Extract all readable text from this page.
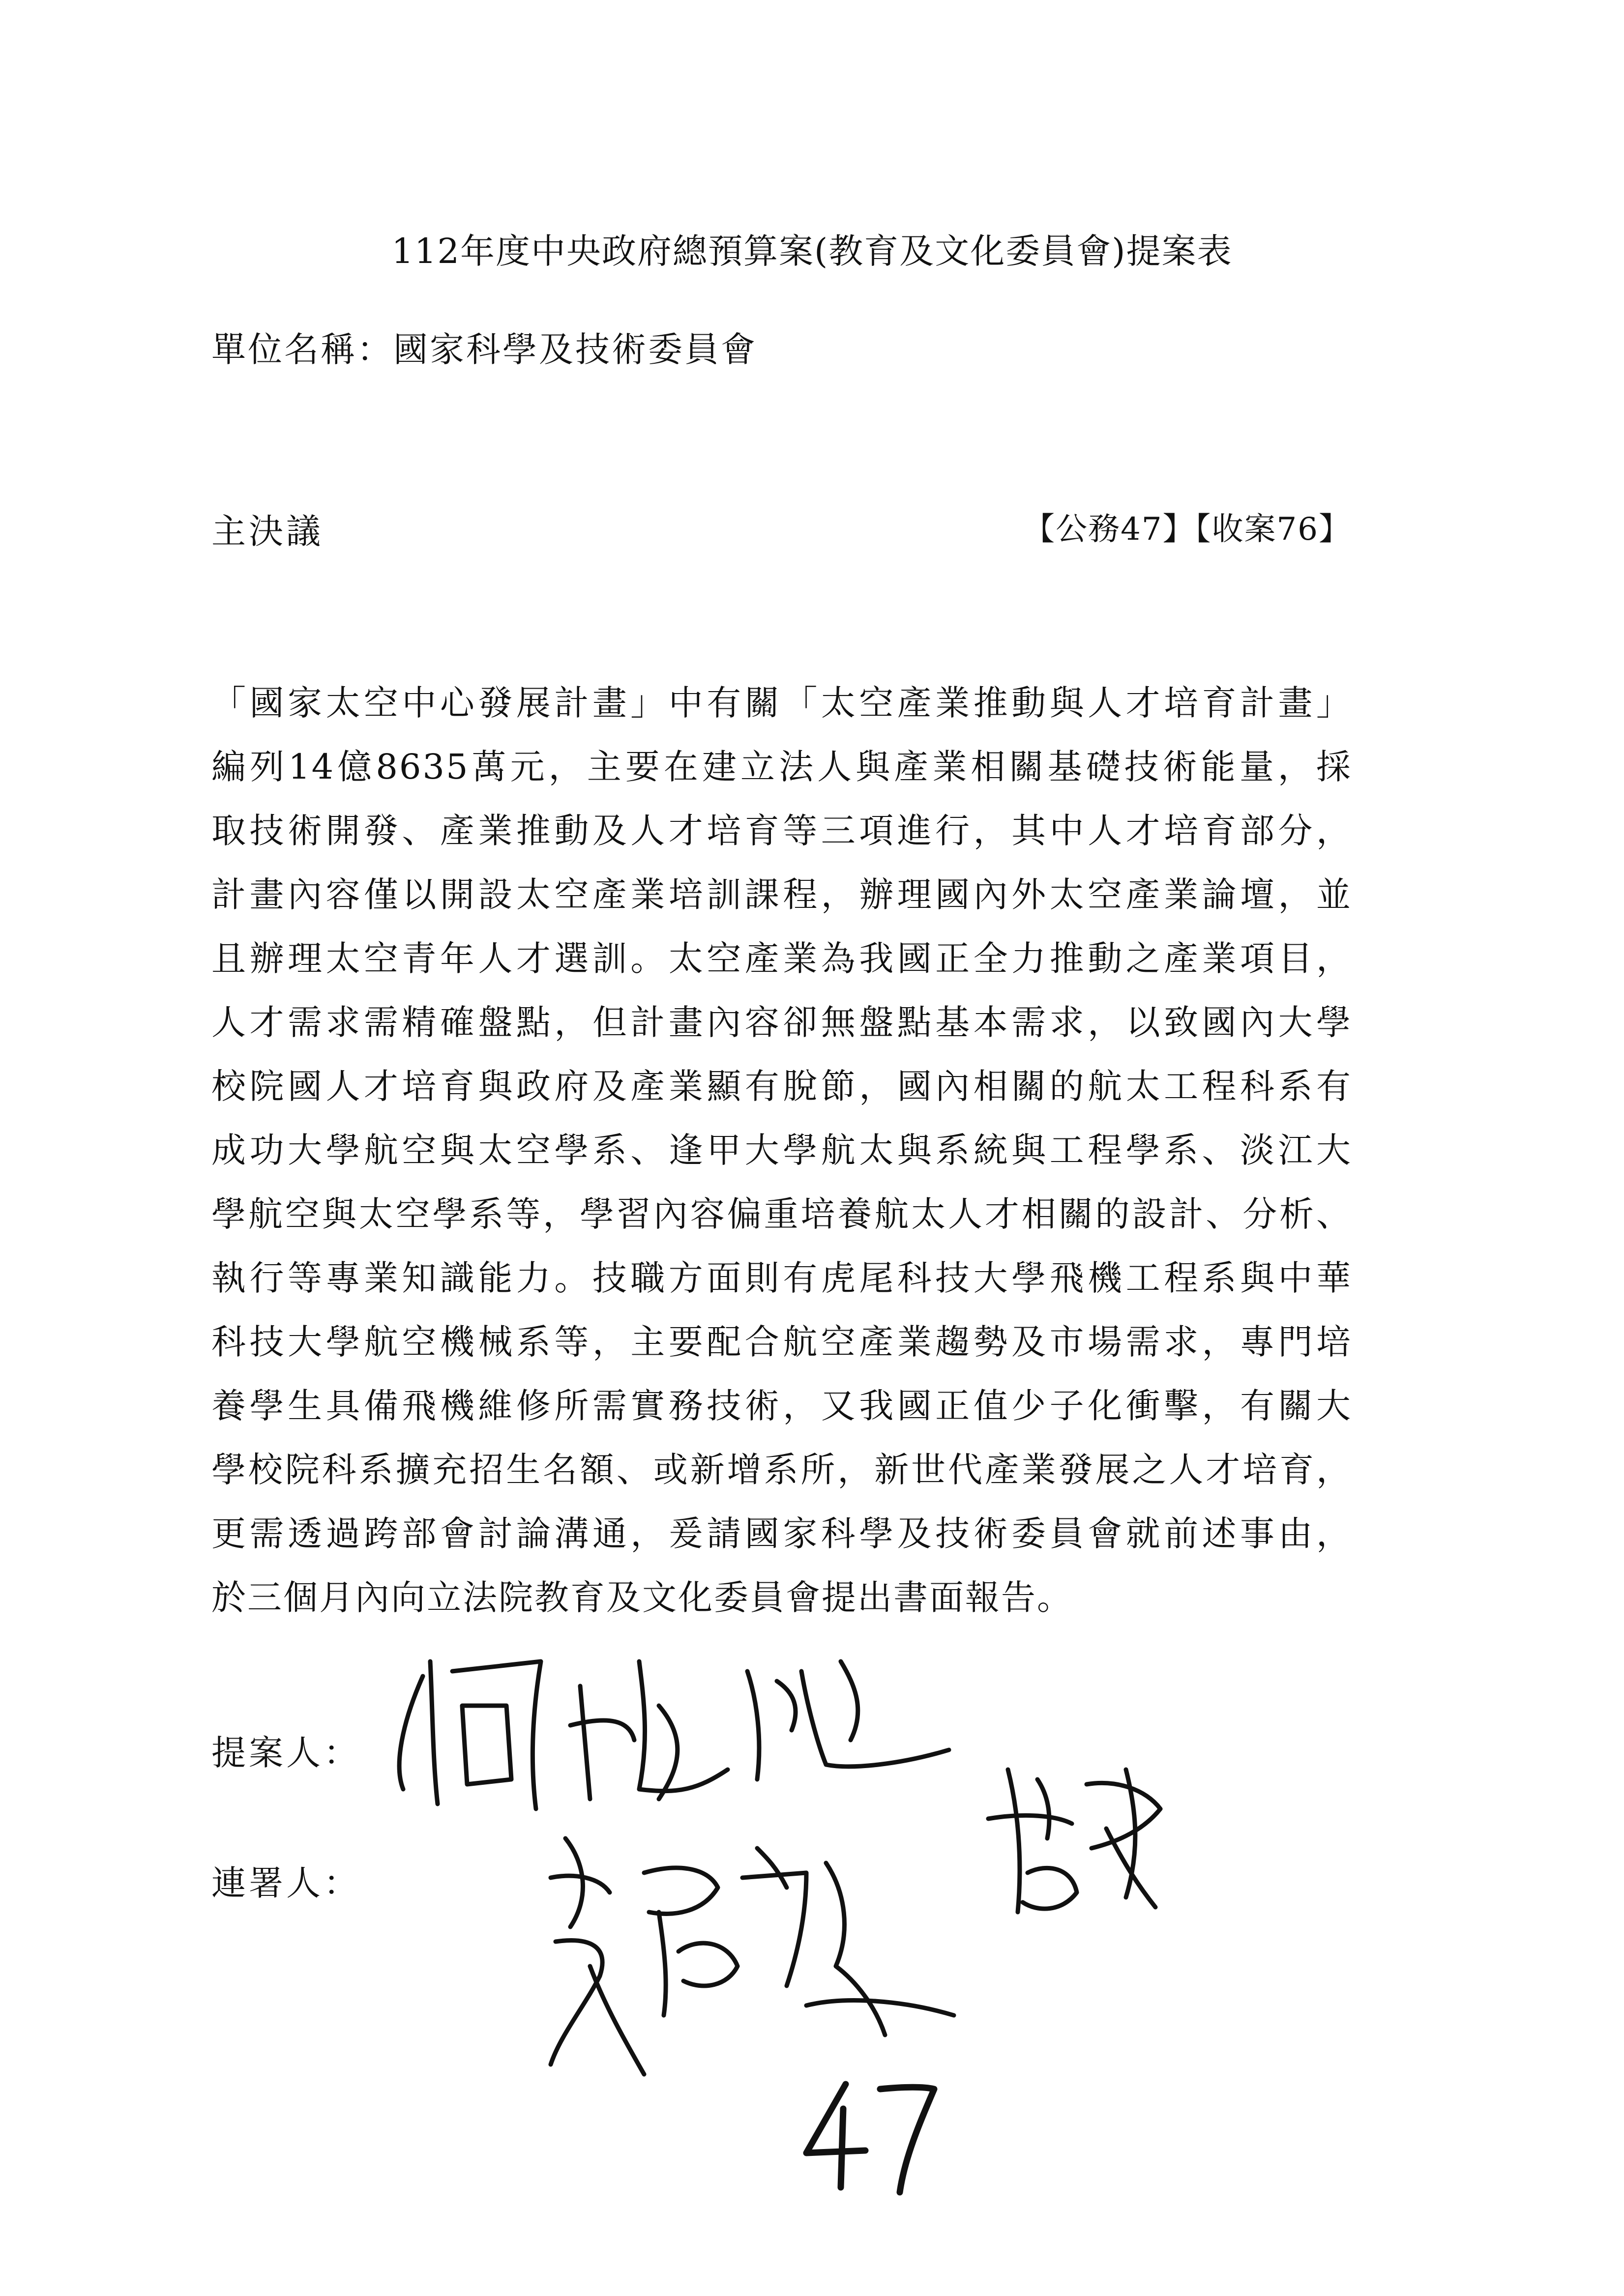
112年度中央政府總預算案(教育及文化委員會)提案表
單位名稱：國家科學及技術委員會
主決議	【公務47】【收案76】
「國家太空中心發展計畫」中有關「太空產業推動與人才培育計畫」
編列14億8635萬元，主要在建立法人與產業相關基礎技術能量，採
取技術開發、產業推動及人才培育等三項進行，其中人才培育部分，
計畫內容僅以開設太空產業培訓課程，辦理國內外太空產業論壇，並
且辦理太空青年人才選訓。太空產業為我國正全力推動之產業項目，
人才需求需精確盤點，但計畫內容卻無盤點基本需求，以致國內大學
校院國人才培育與政府及產業顯有脫節，國內相關的航太工程科系有
成功大學航空與太空學系、逢甲大學航太與系統與工程學系、淡江大
學航空與太空學系等，學習內容偏重培養航太人才相關的設計、分析、
執行等專業知識能力。技職方面則有虎尾科技大學飛機工程系與中華
科技大學航空機械系等，主要配合航空產業趨勢及市場需求，專門培
養學生具備飛機維修所需實務技術，又我國正值少子化衝擊，有關大
學校院科系擴充招生名額、或新增系所，新世代產業發展之人才培育，
更需透過跨部會討論溝通，爰請國家科學及技術委員會就前述事由，
於三個月內向立法院教育及文化委員會提出書面報告。
提案人：
連署人：
